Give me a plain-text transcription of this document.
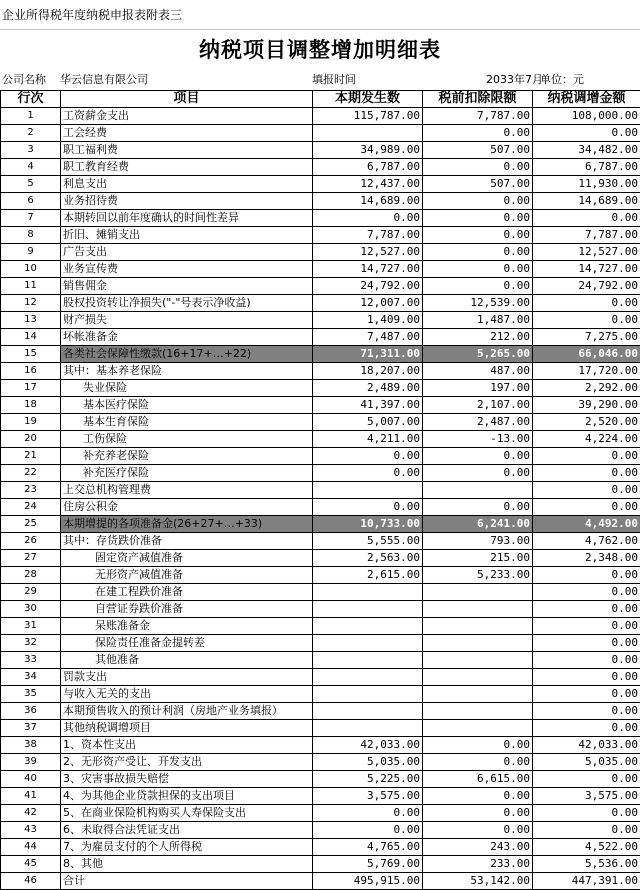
企业所得税年度纳税申报表附表三
纳税项目调整增加明细表
公司名称 华云信息有限公司	填报时间	2033年7月
单位：元
行次	项目	本期发生数	税前扣除限额	纳税调增金额
1	工资薪金支出	115,787.00	7,787.00	108,000.00
2	工会经费		0.00	0.00
3	职工福利费	34,989.00	507.00	34,482.00
4	职工教育经费	6,787.00	0.00	6,787.00
5	利息支出	12,437.00	507.00	11,930.00
6	业务招待费	14,689.00	0.00	14,689.00
7	本期转回以前年度确认的时间性差异	0.00	0.00	0.00
8	折旧、摊销支出	7,787.00	0.00	7,787.00
9	广告支出	12,527.00	0.00	12,527.00
10	业务宣传费	14,727.00	0.00	14,727.00
11	销售佣金	24,792.00	0.00	24,792.00
12	股权投资转让净损失("-"号表示净收益)	12,007.00	12,539.00	0.00
13	财产损失	1,409.00	1,487.00	0.00
14	坏帐准备金	7,487.00	212.00	7,275.00
15	各类社会保障性缴款(16+17+…+22)	71,311.00	5,265.00	66,046.00
16	其中：基本养老保险	18,207.00	487.00	17,720.00
17	失业保险	2,489.00	197.00	2,292.00
18	基本医疗保险	41,397.00	2,107.00	39,290.00
19	基本生育保险	5,007.00	2,487.00	2,520.00
20	工伤保险	4,211.00	-13.00	4,224.00
21	补充养老保险	0.00	0.00	0.00
22	补充医疗保险	0.00	0.00	0.00
23	上交总机构管理费			0.00
24	住房公积金	0.00	0.00	0.00
25	本期增提的各项准备金(26+27+…+33)	10,733.00	6,241.00	4,492.00
26	其中：存货跌价准备	5,555.00	793.00	4,762.00
27	固定资产减值准备	2,563.00	215.00	2,348.00
28	无形资产减值准备	2,615.00	5,233.00	0.00
29	在建工程跌价准备			0.00
30	自营证券跌价准备			0.00
31	呆账准备金			0.00
32	保险责任准备金提转差			0.00
33	其他准备			0.00
34	罚款支出			0.00
35	与收入无关的支出			0.00
36	本期预售收入的预计利润（房地产业务填报）			0.00
37	其他纳税调增项目			0.00
38	1、资本性支出	42,033.00	0.00	42,033.00
39	2、无形资产受让、开发支出	5,035.00	0.00	5,035.00
40	3、灾害事故损失赔偿	5,225.00	6,615.00	0.00
41	4、为其他企业贷款担保的支出项目	3,575.00	0.00	3,575.00
42	5、在商业保险机构购买人寿保险支出	0.00	0.00	0.00
43	6、未取得合法凭证支出	0.00	0.00	0.00
44	7、为雇员支付的个人所得税	4,765.00	243.00	4,522.00
45	8、其他	5,769.00	233.00	5,536.00
46	合计	495,915.00	53,142.00	447,391.00
